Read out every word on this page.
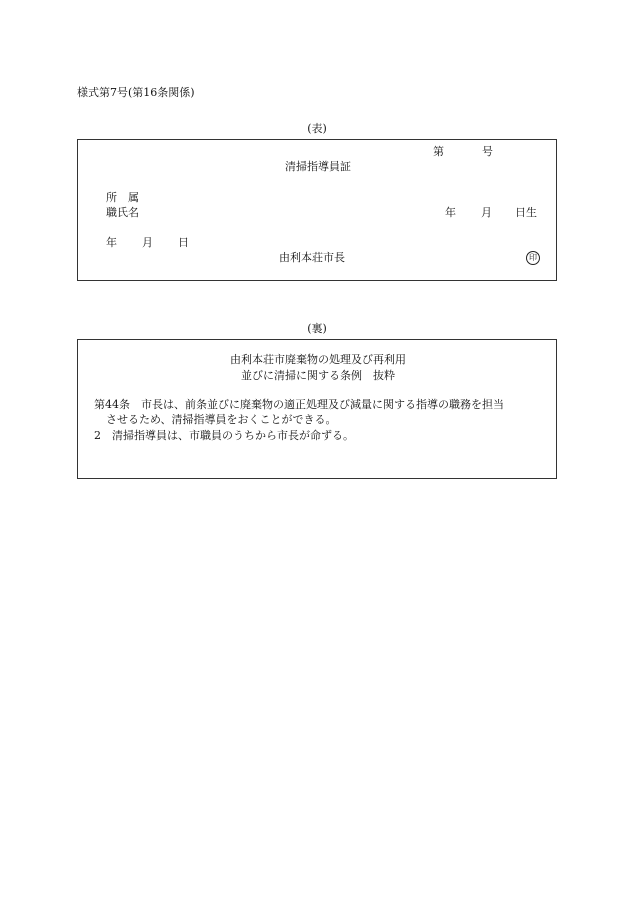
様式第7号(第16条関係)
(表)
第	号
清掃指導員証
所　属
職氏名	年 月 日生
年 月 日
由利本荘市長	印
(裏)
由利本荘市廃棄物の処理及び再利用
並びに清掃に関する条例　抜粋
第44条　市長は、前条並びに廃棄物の適正処理及び減量に関する指導の職務を担当
させるため、清掃指導員をおくことができる。
2　清掃指導員は、市職員のうちから市長が命ずる。
